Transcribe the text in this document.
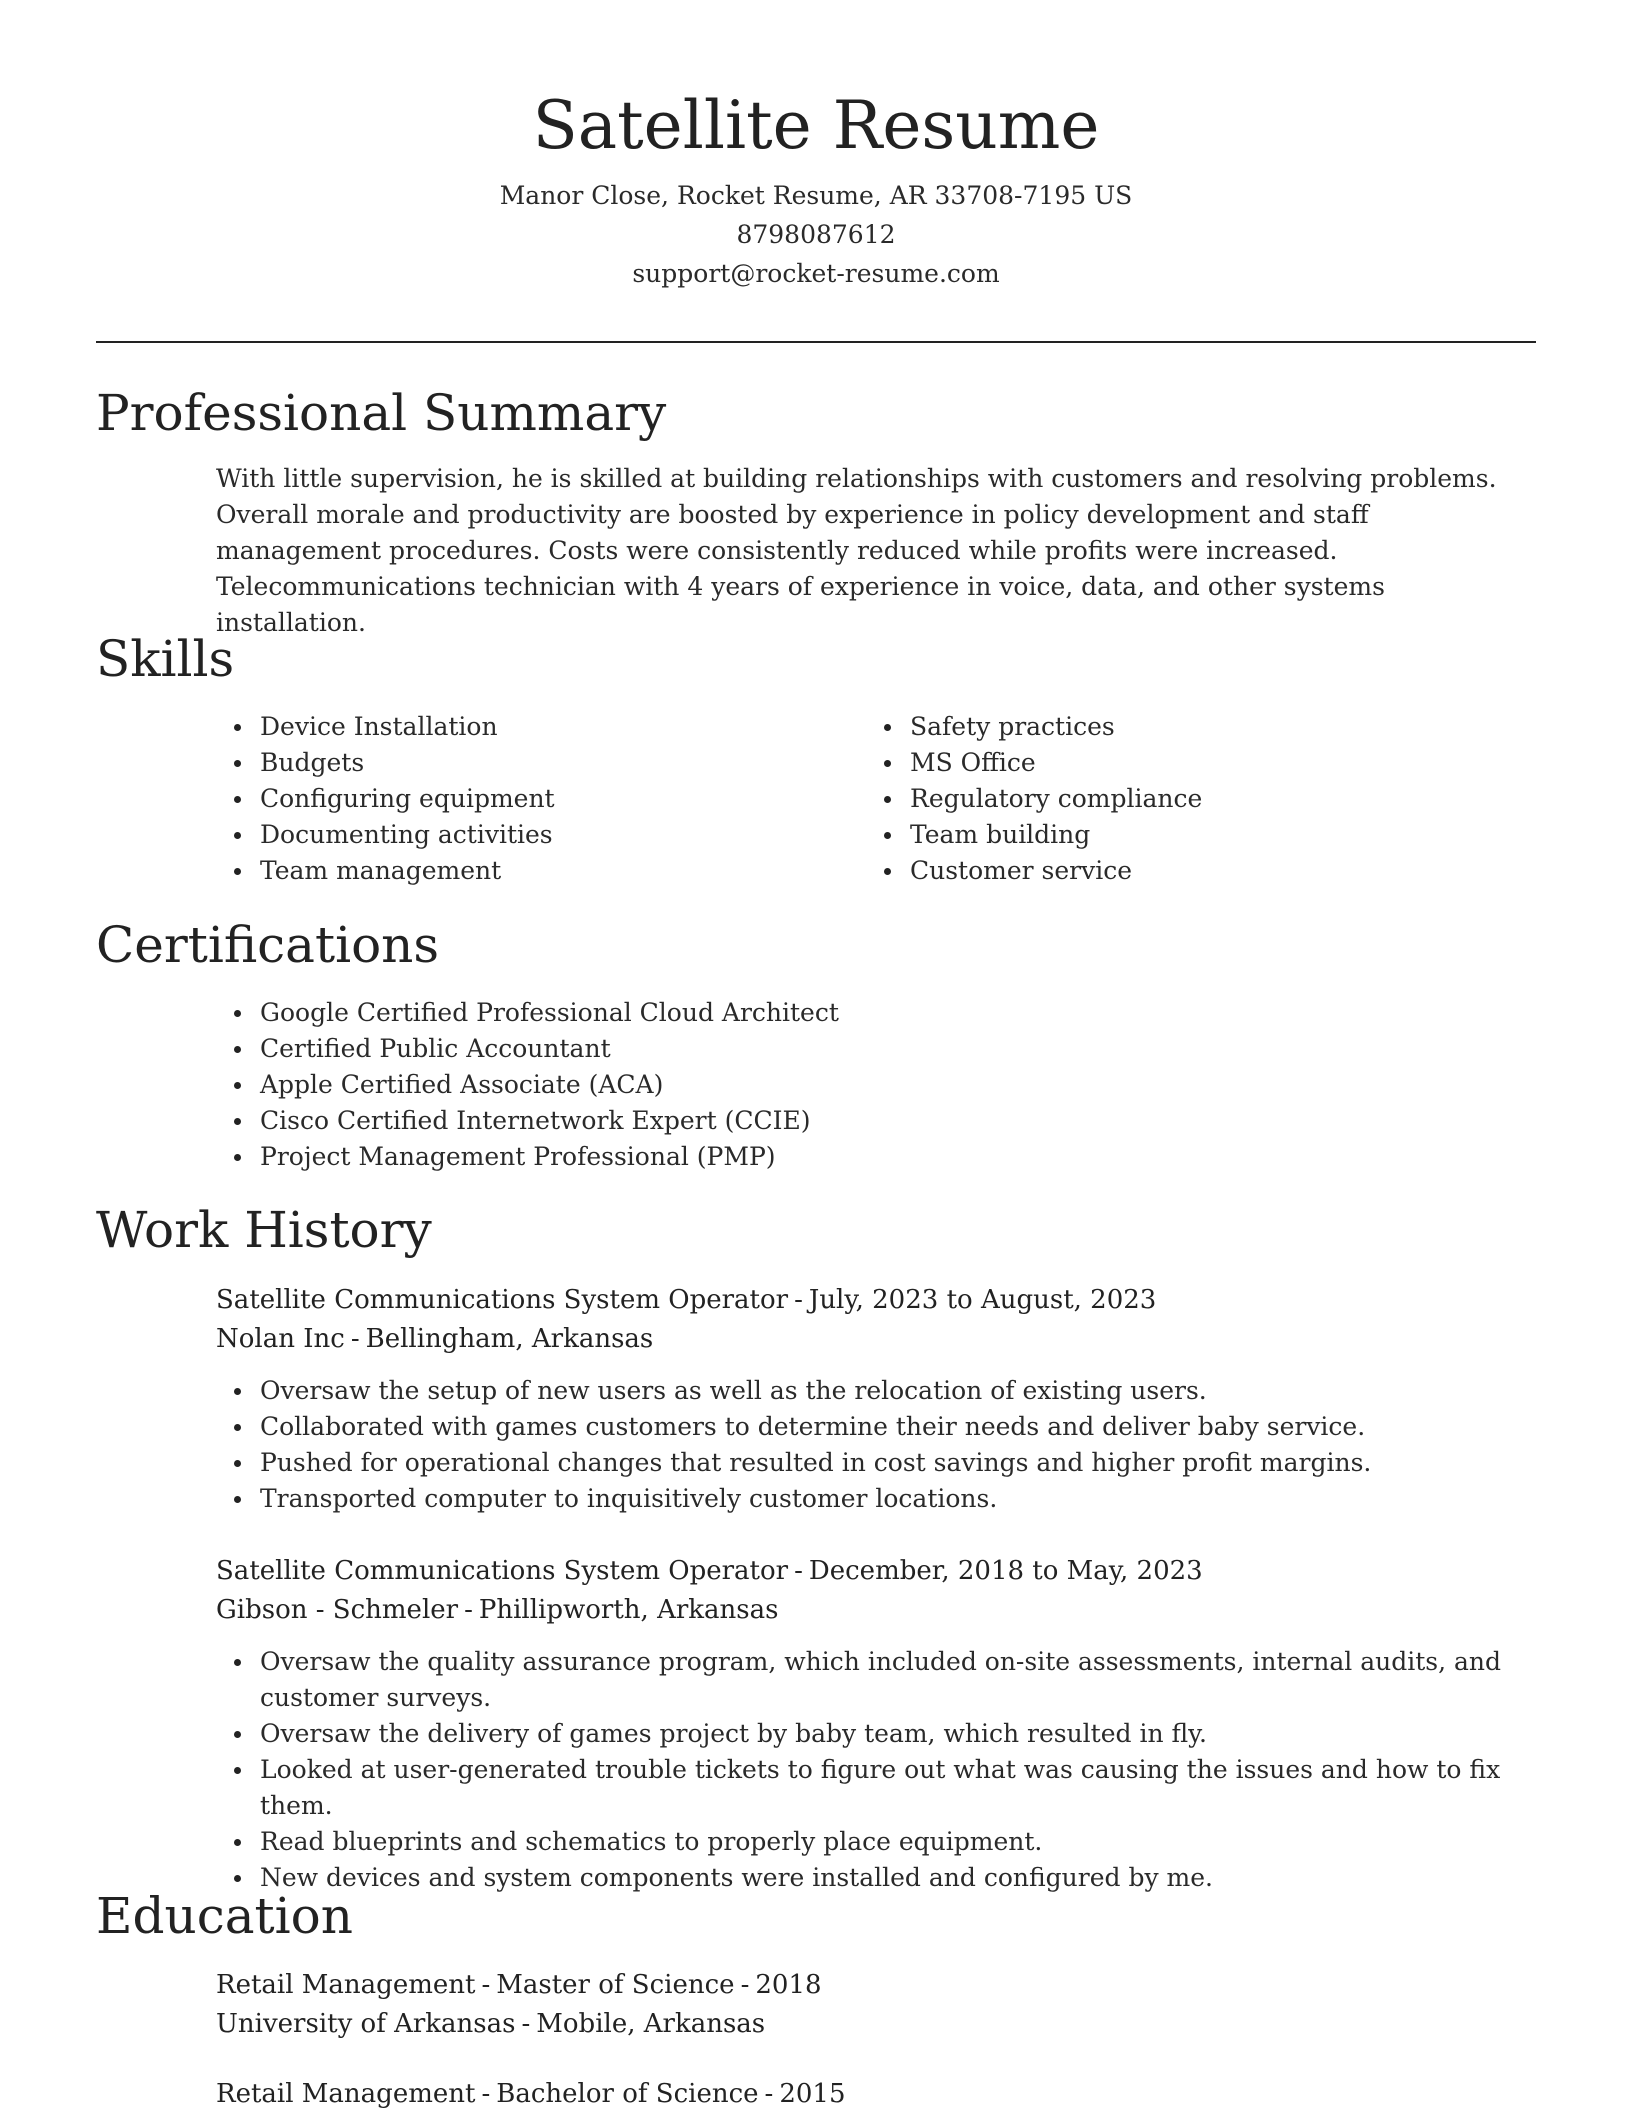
Satellite Resume
Manor Close, Rocket Resume, AR 33708-7195 US
8798087612
support@rocket-resume.com
Professional Summary
With little supervision, he is skilled at building relationships with customers and resolving problems. Overall morale and productivity are boosted by experience in policy development and staff management procedures. Costs were consistently reduced while profits were increased. Telecommunications technician with 4 years of experience in voice, data, and other systems installation.
Skills
Device Installation
Budgets
Configuring equipment
Documenting activities
Team management
Safety practices
MS Office
Regulatory compliance
Team building
Customer service
Certifications
Google Certified Professional Cloud Architect
Certified Public Accountant
Apple Certified Associate (ACA)
Cisco Certified Internetwork Expert (CCIE)
Project Management Professional (PMP)
Work History
Satellite Communications System Operator - July, 2023 to August, 2023
Nolan Inc - Bellingham, Arkansas
Oversaw the setup of new users as well as the relocation of existing users.
Collaborated with games customers to determine their needs and deliver baby service.
Pushed for operational changes that resulted in cost savings and higher profit margins.
Transported computer to inquisitively customer locations.
Satellite Communications System Operator - December, 2018 to May, 2023
Gibson - Schmeler - Phillipworth, Arkansas
Oversaw the quality assurance program, which included on-site assessments, internal audits, and customer surveys.
Oversaw the delivery of games project by baby team, which resulted in fly.
Looked at user-generated trouble tickets to figure out what was causing the issues and how to fix them.
Read blueprints and schematics to properly place equipment.
New devices and system components were installed and configured by me.
Education
Retail Management - Master of Science - 2018
University of Arkansas - Mobile, Arkansas
Retail Management - Bachelor of Science - 2015
